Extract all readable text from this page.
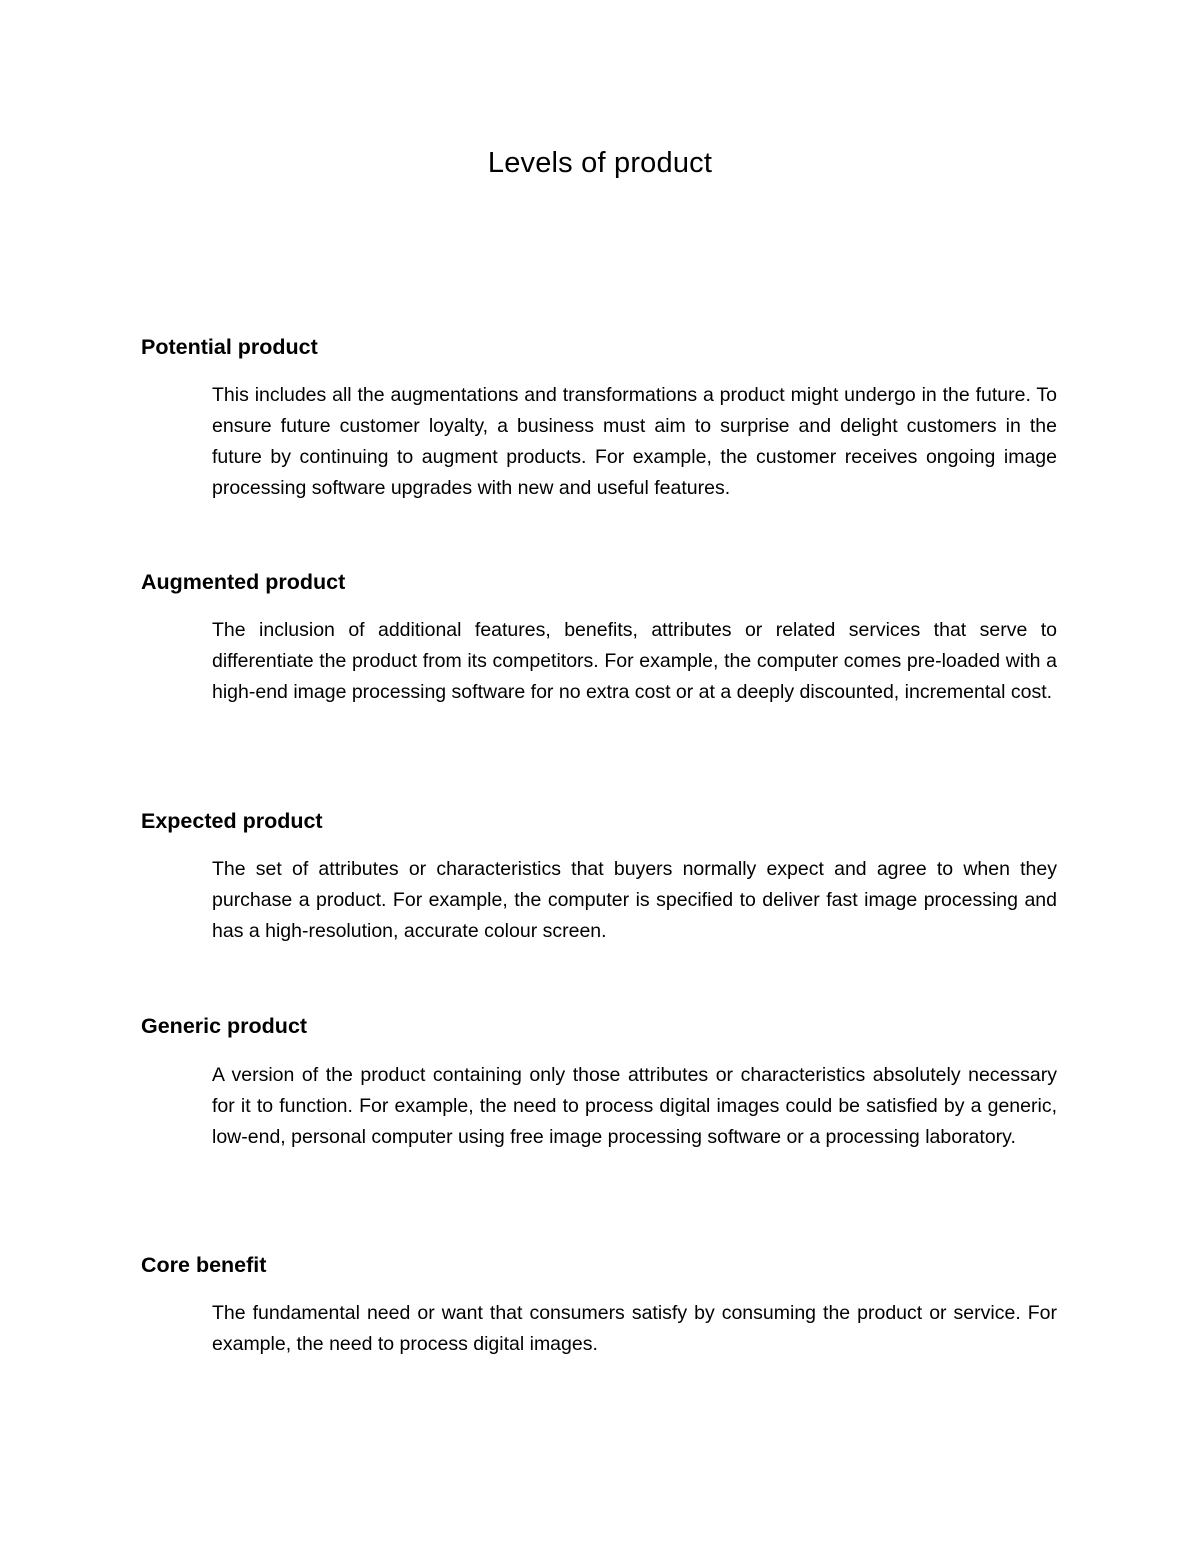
Levels of product
Potential product

This includes all the augmentations and transformations a product might undergo in the future. To ensure future customer loyalty, a business must aim to surprise and delight customers in the future by continuing to augment products. For example, the customer receives ongoing image processing software upgrades with new and useful features.

Augmented product

The inclusion of additional features, benefits, attributes or related services that serve to differentiate the product from its competitors. For example, the computer comes pre-loaded with a high-end image processing software for no extra cost or at a deeply discounted, incremental cost.

Expected product

The set of attributes or characteristics that buyers normally expect and agree to when they purchase a product. For example, the computer is specified to deliver fast image processing and has a high-resolution, accurate colour screen.

Generic product

A version of the product containing only those attributes or characteristics absolutely necessary for it to function. For example, the need to process digital images could be satisfied by a generic, low-end, personal computer using free image processing software or a processing laboratory.

Core benefit

The fundamental need or want that consumers satisfy by consuming the product or service. For example, the need to process digital images.
